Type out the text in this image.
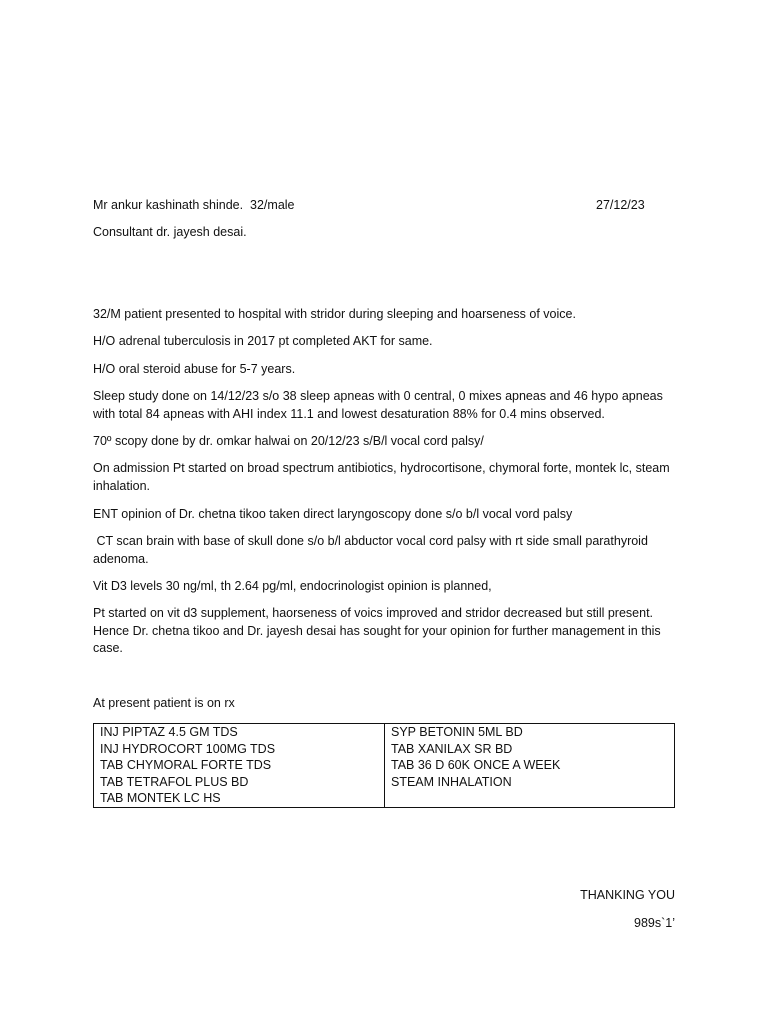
Mr ankur kashinath shinde.  32/male	27/12/23

Consultant dr. jayesh desai.

32/M patient presented to hospital with stridor during sleeping and hoarseness of voice.

H/O adrenal tuberculosis in 2017 pt completed AKT for same.

H/O oral steroid abuse for 5-7 years.

Sleep study done on 14/12/23 s/o 38 sleep apneas with 0 central, 0 mixes apneas and 46 hypo apneas with total 84 apneas with AHI index 11.1 and lowest desaturation 88% for 0.4 mins observed.

70º scopy done by dr. omkar halwai on 20/12/23 s/B/l vocal cord palsy/

On admission Pt started on broad spectrum antibiotics, hydrocortisone, chymoral forte, montek lc, steam inhalation.

ENT opinion of Dr. chetna tikoo taken direct laryngoscopy done s/o b/l vocal vord palsy

CT scan brain with base of skull done s/o b/l abductor vocal cord palsy with rt side small parathyroid adenoma.

Vit D3 levels 30 ng/ml, th 2.64 pg/ml, endocrinologist opinion is planned,

Pt started on vit d3 supplement, haorseness of voics improved and stridor decreased but still present. Hence Dr. chetna tikoo and Dr. jayesh desai has sought for your opinion for further management in this case.

At present patient is on rx

INJ PIPTAZ 4.5 GM TDS
INJ HYDROCORT 100MG TDS
TAB CHYMORAL FORTE TDS
TAB TETRAFOL PLUS BD
TAB MONTEK LC HS

SYP BETONIN 5ML BD
TAB XANILAX SR BD
TAB 36 D 60K ONCE A WEEK
STEAM INHALATION

THANKING YOU

989s`1’
